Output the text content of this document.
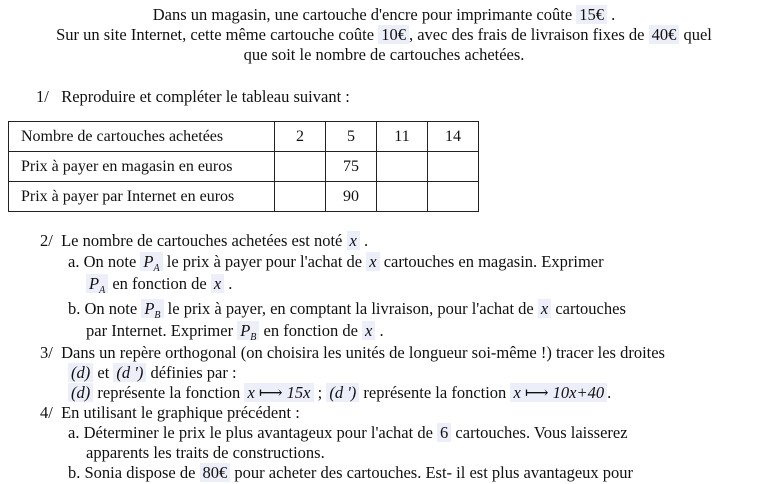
Dans un magasin, une cartouche d'encre pour imprimante coûte 15€ .
Sur un site Internet, cette même cartouche coûte 10€ , avec des frais de livraison fixes de 40€ quel
que soit le nombre de cartouches achetées.
1/ Reproduire et compléter le tableau suivant :
Nombre de cartouches achetées	2	5	11	14
Prix à payer en magasin en euros		75		
Prix à payer par Internet en euros		90		
2/ Le nombre de cartouches achetées est noté x .
a. On note $P_A$ le prix à payer pour l'achat de x cartouches en magasin. Exprimer
$P_A$ en fonction de x .
b. On note $P_B$ le prix à payer, en comptant la livraison, pour l'achat de x cartouches
par Internet. Exprimer $P_B$ en fonction de x .
3/ Dans un repère orthogonal (on choisira les unités de longueur soi-même !) tracer les droites
(d) et (d ') définies par :
(d) représente la fonction x ⟼ 15x ; (d ') représente la fonction x ⟼ 10x+40 .
4/ En utilisant le graphique précédent :
a. Déterminer le prix le plus avantageux pour l'achat de 6 cartouches. Vous laisserez
apparents les traits de constructions.
b. Sonia dispose de 80€ pour acheter des cartouches. Est- il est plus avantageux pour
